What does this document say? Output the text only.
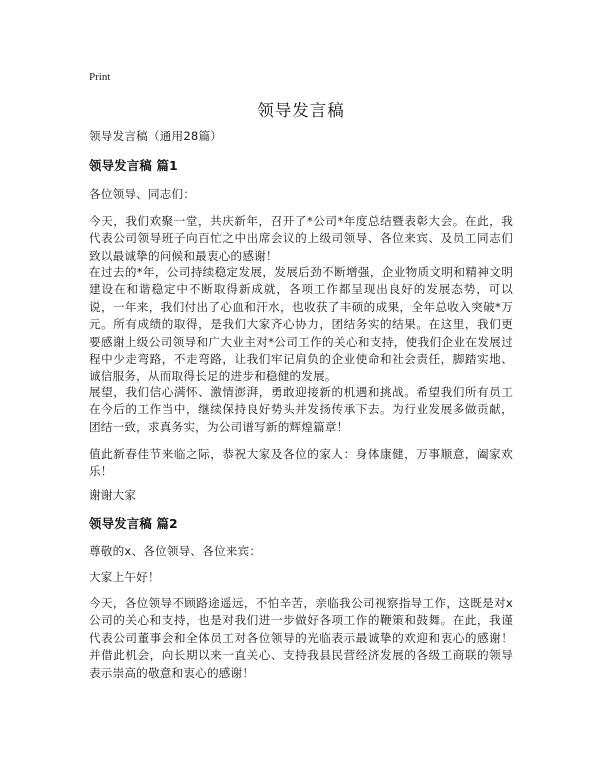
Print
领导发言稿
领导发言稿（通用28篇）
领导发言稿 篇1
各位领导、同志们：
今天，我们欢聚一堂，共庆新年，召开了*公司*年度总结暨表彰大会。在此，我代表公司领导班子向百忙之中出席会议的上级司领导、各位来宾、及员工同志们致以最诚挚的问候和最衷心的感谢！
在过去的*年，公司持续稳定发展，发展后劲不断增强，企业物质文明和精神文明建设在和谐稳定中不断取得新成就，各项工作都呈现出良好的发展态势，可以说，一年来，我们付出了心血和汗水，也收获了丰硕的成果，全年总收入突破*万元。所有成绩的取得，是我们大家齐心协力，团结务实的结果。在这里，我们更要感谢上级公司领导和广大业主对*公司工作的关心和支持，使我们企业在发展过程中少走弯路，不走弯路，让我们牢记肩负的企业使命和社会责任，脚踏实地、诚信服务，从而取得长足的进步和稳健的发展。
展望，我们信心满怀、激情澎湃，勇敢迎接新的机遇和挑战。希望我们所有员工在今后的工作当中，继续保持良好势头并发扬传承下去。为行业发展多做贡献，团结一致，求真务实，为公司谱写新的辉煌篇章！
值此新春佳节来临之际，恭祝大家及各位的家人：身体康健，万事顺意，阖家欢乐！
谢谢大家
领导发言稿 篇2
尊敬的x、各位领导、各位来宾：
大家上午好！
今天，各位领导不顾路途遥远，不怕辛苦，亲临我公司视察指导工作，这既是对x公司的关心和支持，也是对我们进一步做好各项工作的鞭策和鼓舞。在此，我谨代表公司董事会和全体员工对各位领导的光临表示最诚挚的欢迎和衷心的感谢！并借此机会，向长期以来一直关心、支持我县民营经济发展的各级工商联的领导表示崇高的敬意和衷心的感谢！
